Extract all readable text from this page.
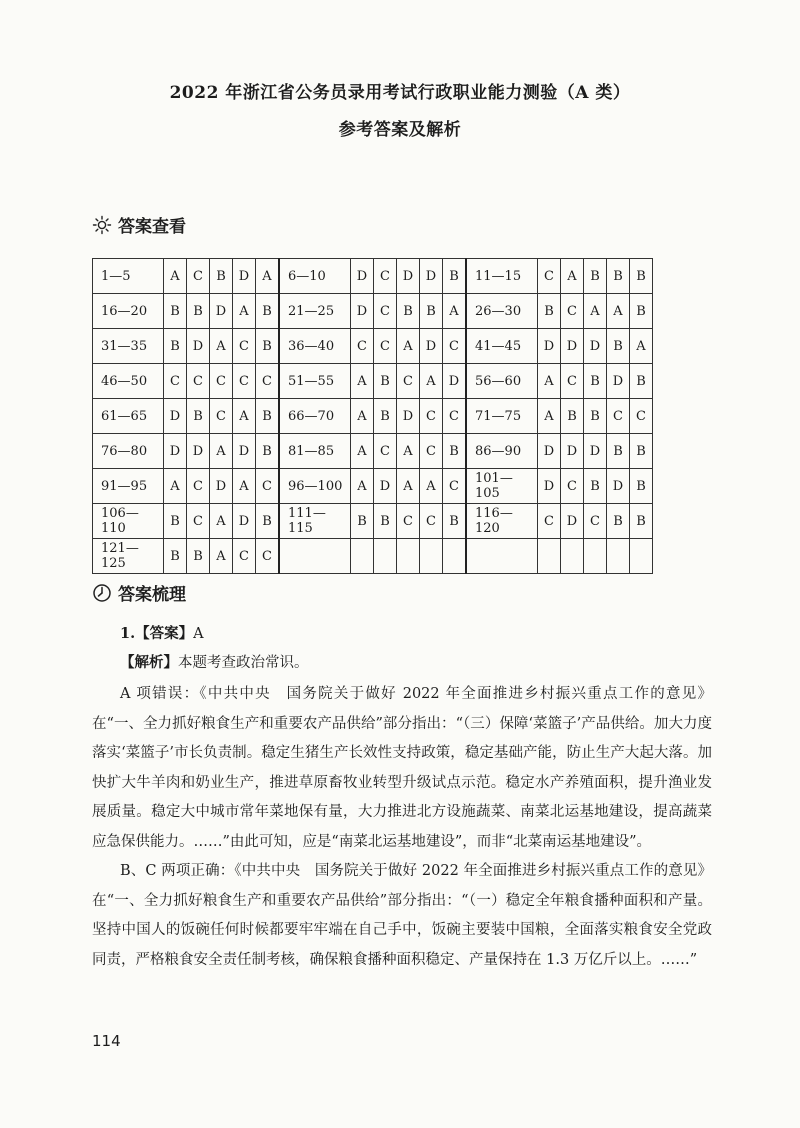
2022 年浙江省公务员录用考试行政职业能力测验（A 类）
参考答案及解析
答案查看
1—5	A	C	B	D	A	6—10	D	C	D	D	B	11—15	C	A	B	B	B
16—20	B	B	D	A	B	21—25	D	C	B	B	A	26—30	B	C	A	A	B
31—35	B	D	A	C	B	36—40	C	C	A	D	C	41—45	D	D	D	B	A
46—50	C	C	C	C	C	51—55	A	B	C	A	D	56—60	A	C	B	D	B
61—65	D	B	C	A	B	66—70	A	B	D	C	C	71—75	A	B	B	C	C
76—80	D	D	A	D	B	81—85	A	C	A	C	B	86—90	D	D	D	B	B
91—95	A	C	D	A	C	96—100	A	D	A	A	C	101—105	D	C	B	D	B
106—110	B	C	A	D	B	111—115	B	B	C	C	B	116—120	C	D	C	B	B
121—125	B	B	A	C	C												
答案梳理
1.【答案】A
【解析】本题考查政治常识。

A 项错误：《中共中央　国务院关于做好 2022 年全面推进乡村振兴重点工作的意见》在“一、全力抓好粮食生产和重要农产品供给”部分指出：“（三）保障‘菜篮子’产品供给。加大力度落实‘菜篮子’市长负责制。稳定生猪生产长效性支持政策，稳定基础产能，防止生产大起大落。加快扩大牛羊肉和奶业生产，推进草原畜牧业转型升级试点示范。稳定水产养殖面积，提升渔业发展质量。稳定大中城市常年菜地保有量，大力推进北方设施蔬菜、南菜北运基地建设，提高蔬菜应急保供能力。……”由此可知，应是“南菜北运基地建设”，而非“北菜南运基地建设”。

B、C 两项正确：《中共中央　国务院关于做好 2022 年全面推进乡村振兴重点工作的意见》在“一、全力抓好粮食生产和重要农产品供给”部分指出：“（一）稳定全年粮食播种面积和产量。坚持中国人的饭碗任何时候都要牢牢端在自己手中，饭碗主要装中国粮，全面落实粮食安全党政同责，严格粮食安全责任制考核，确保粮食播种面积稳定、产量保持在 1.3 万亿斤以上。……”

114
